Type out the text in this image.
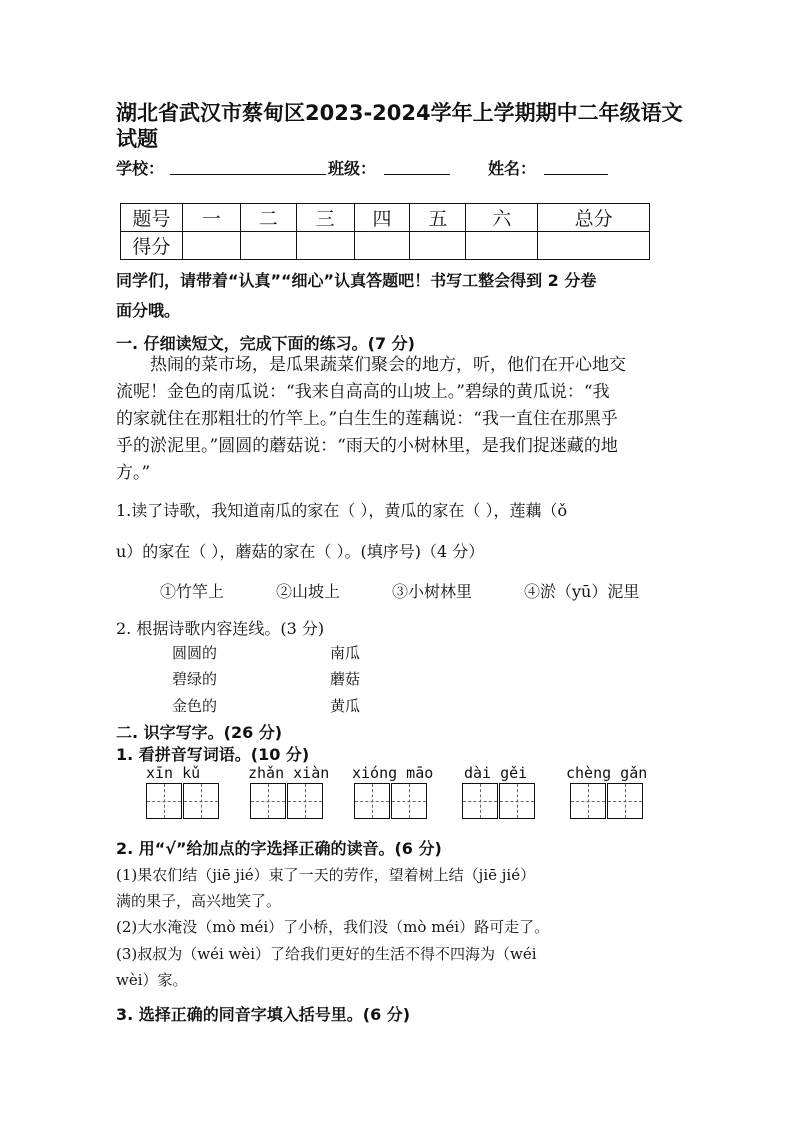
湖北省武汉市蔡甸区2023-2024学年上学期期中二年级语文
试题
学校：	班级：	姓名：
题号	一	二	三	四	五	六	总分
得分							
同学们，请带着“认真”“细心”认真答题吧！书写工整会得到 2 分卷
面分哦。
一. 仔细读短文，完成下面的练习。(7 分)
热闹的菜市场，是瓜果蔬菜们聚会的地方，听，他们在开心地交
流呢！金色的南瓜说：“我来自高高的山坡上。”碧绿的黄瓜说：“我
的家就住在那粗壮的竹竿上。”白生生的莲藕说：“我一直住在那黑乎
乎的淤泥里。”圆圆的蘑菇说：“雨天的小树林里，是我们捉迷藏的地
方。”
1.读了诗歌，我知道南瓜的家在（ ），黄瓜的家在（ ），莲藕（ǒ
u）的家在（ ），蘑菇的家在（ ）。(填序号)（4 分）
①竹竿上	②山坡上	③小树林里	④淤（yū）泥里
2. 根据诗歌内容连线。(3 分)
圆圆的
碧绿的
金色的
南瓜
蘑菇
黄瓜
二. 识字写字。(26 分)
1. 看拼音写词语。(10 分)
xīn kǔ	zhǎn xiàn xióng māo dài gěi	chèng gǎn
2. 用“√”给加点的字选择正确的读音。(6 分)
(1)果农们结（jiē jié）束了一天的劳作，望着树上结（jiē jié）
满的果子，高兴地笑了。
(2)大水淹没（mò méi）了小桥，我们没（mò méi）路可走了。
(3)叔叔为（wéi wèi）了给我们更好的生活不得不四海为（wéi
wèi）家。
3. 选择正确的同音字填入括号里。(6 分)
